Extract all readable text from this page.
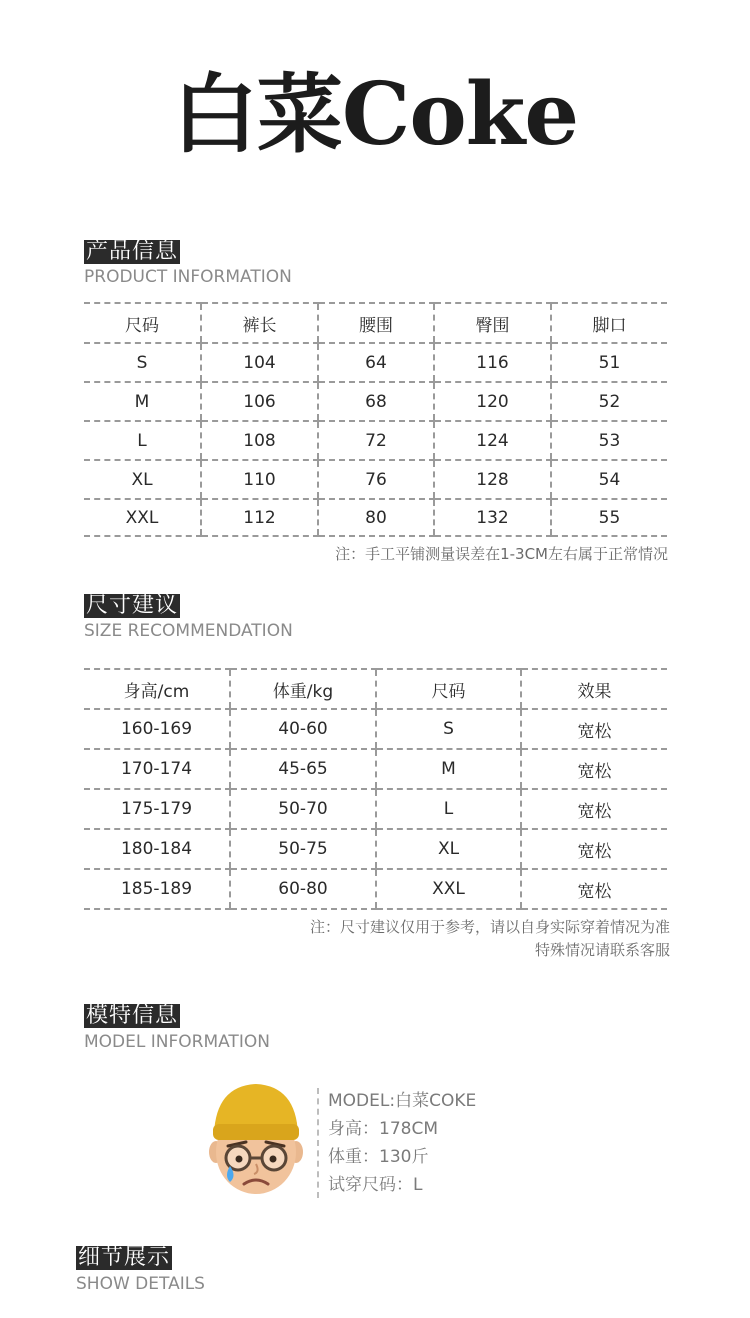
白菜Coke
产品信息
PRODUCT INFORMATION
尺码	裤长	腰围	臀围	脚口
S	104	64	116	51
M	106	68	120	52
L	108	72	124	53
XL	110	76	128	54
XXL	112	80	132	55
注：手工平铺测量误差在1-3CM左右属于正常情况
尺寸建议
SIZE RECOMMENDATION
身高/cm	体重/kg	尺码	效果
160-169	40-60	S	宽松
170-174	45-65	M	宽松
175-179	50-70	L	宽松
180-184	50-75	XL	宽松
185-189	60-80	XXL	宽松
注：尺寸建议仅用于参考，请以自身实际穿着情况为准
特殊情况请联系客服
模特信息
MODEL INFORMATION
MODEL:白菜COKE
身高：178CM
体重：130斤
试穿尺码：L
细节展示
SHOW DETAILS
